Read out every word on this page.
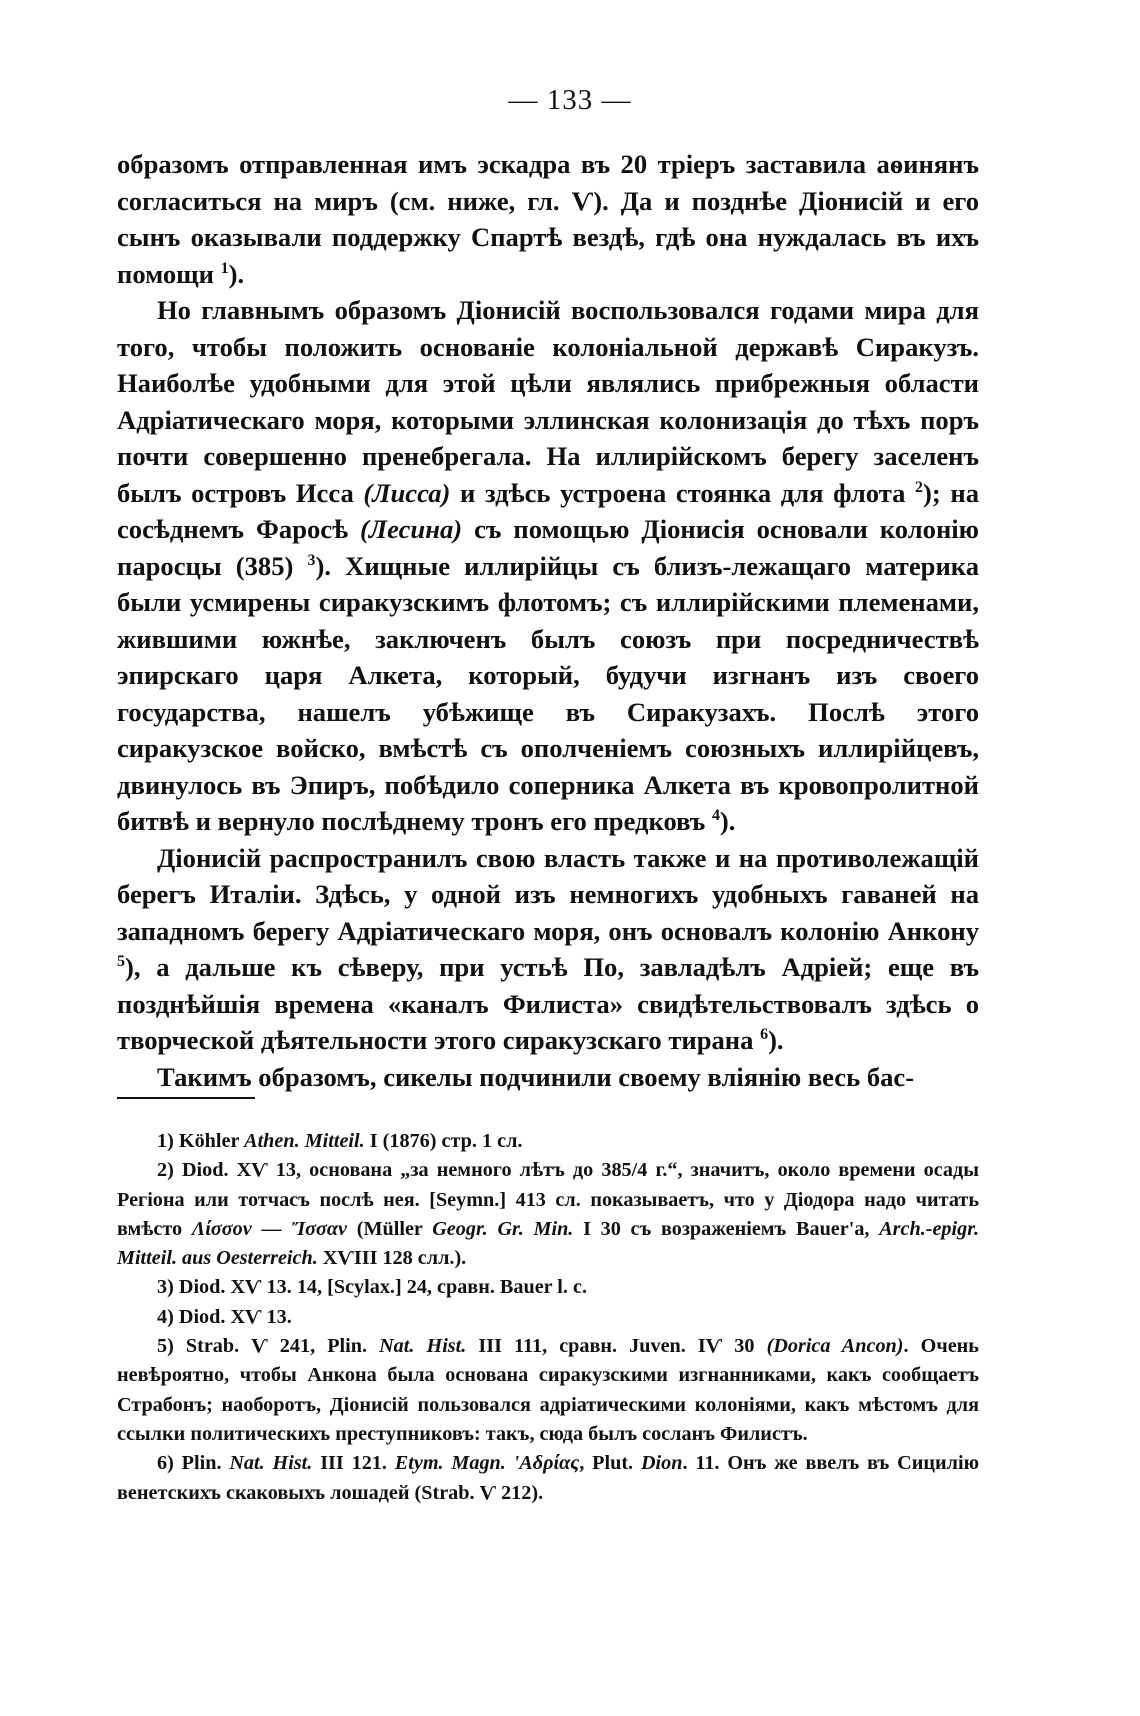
— 133 —

образомъ отправленная имъ эскадра въ 20 тріеръ заставила аѳинянъ согласиться на миръ (см. ниже, гл. Ѵ). Да и позднѣе Діонисій и его сынъ оказывали поддержку Спартѣ вездѣ, гдѣ она нуждалась въ ихъ помощи $^1$).

Но главнымъ образомъ Діонисій воспользовался годами мира для того, чтобы положить основаніе колоніальной державѣ Сиракузъ. Наиболѣе удобными для этой цѣли являлись прибрежныя области Адріатическаго моря, которыми эллинская колонизація до тѣхъ поръ почти совершенно пренебрегала. На иллирійскомъ берегу заселенъ былъ островъ Исса (Лисса) и здѣсь устроена стоянка для флота $^2$); на сосѣднемъ Фаросѣ (Лесина) съ помощью Діонисія основали колонію паросцы (385) $^3$). Хищные иллирійцы съ близъ-лежащаго материка были усмирены сиракузскимъ флотомъ; съ иллирійскими племенами, жившими южнѣе, заключенъ былъ союзъ при посредничествѣ эпирскаго царя Алкета, который, будучи изгнанъ изъ своего государства, нашелъ убѣжище въ Сиракузахъ. Послѣ этого сиракузское войско, вмѣстѣ съ ополченіемъ союзныхъ иллирійцевъ, двинулось въ Эпиръ, побѣдило соперника Алкета въ кровопролитной битвѣ и вернуло послѣднему тронъ его предковъ $^4$).

Діонисій распространилъ свою власть также и на противолежащій берегъ Италіи. Здѣсь, у одной изъ немногихъ удобныхъ гаваней на западномъ берегу Адріатическаго моря, онъ основалъ колонію Анкону $^5$), а дальше къ сѣверу, при устьѣ По, завладѣлъ Адріей; еще въ позднѣйшія времена «каналъ Филиста» свидѣтельствовалъ здѣсь о творческой дѣятельности этого сиракузскаго тирана $^6$).

Такимъ образомъ, сикелы подчинили своему вліянію весь бас-

1) Köhler Athen. Mitteil. I (1876) стр. 1 сл.

2) Diod. XѴ 13, основана „за немного лѣтъ до 385/4 г.“, значитъ, около времени осады Регіона или тотчасъ послѣ нея. [Seymn.] 413 сл. показываетъ, что у Діодора надо читать вмѣсто Λίσσον — Ἴσσαν (Müller Geogr. Gr. Min. I 30 съ возраженіемъ Bauer'а, Arch.-epigr. Mitteil. aus Oesterreich. XѴIII 128 слл.).

3) Diod. XѴ 13. 14, [Scylax.] 24, сравн. Bauer l. c.

4) Diod. XѴ 13.

5) Strab. Ѵ 241, Plin. Nat. Hist. III 111, сравн. Juven. IѴ 30 (Dorica Ancon). Очень невѣроятно, чтобы Анкона была основана сиракузскими изгнанниками, какъ сообщаетъ Страбонъ; наоборотъ, Діонисій пользовался адріатическими колоніями, какъ мѣстомъ для ссылки политическихъ преступниковъ: такъ, сюда былъ сосланъ Филистъ.

6) Plin. Nat. Hist. III 121. Etym. Magn. 'Αδρίας, Plut. Dion. 11. Онъ же ввелъ въ Сицилію венетскихъ скаковыхъ лошадей (Strab. Ѵ 212).
